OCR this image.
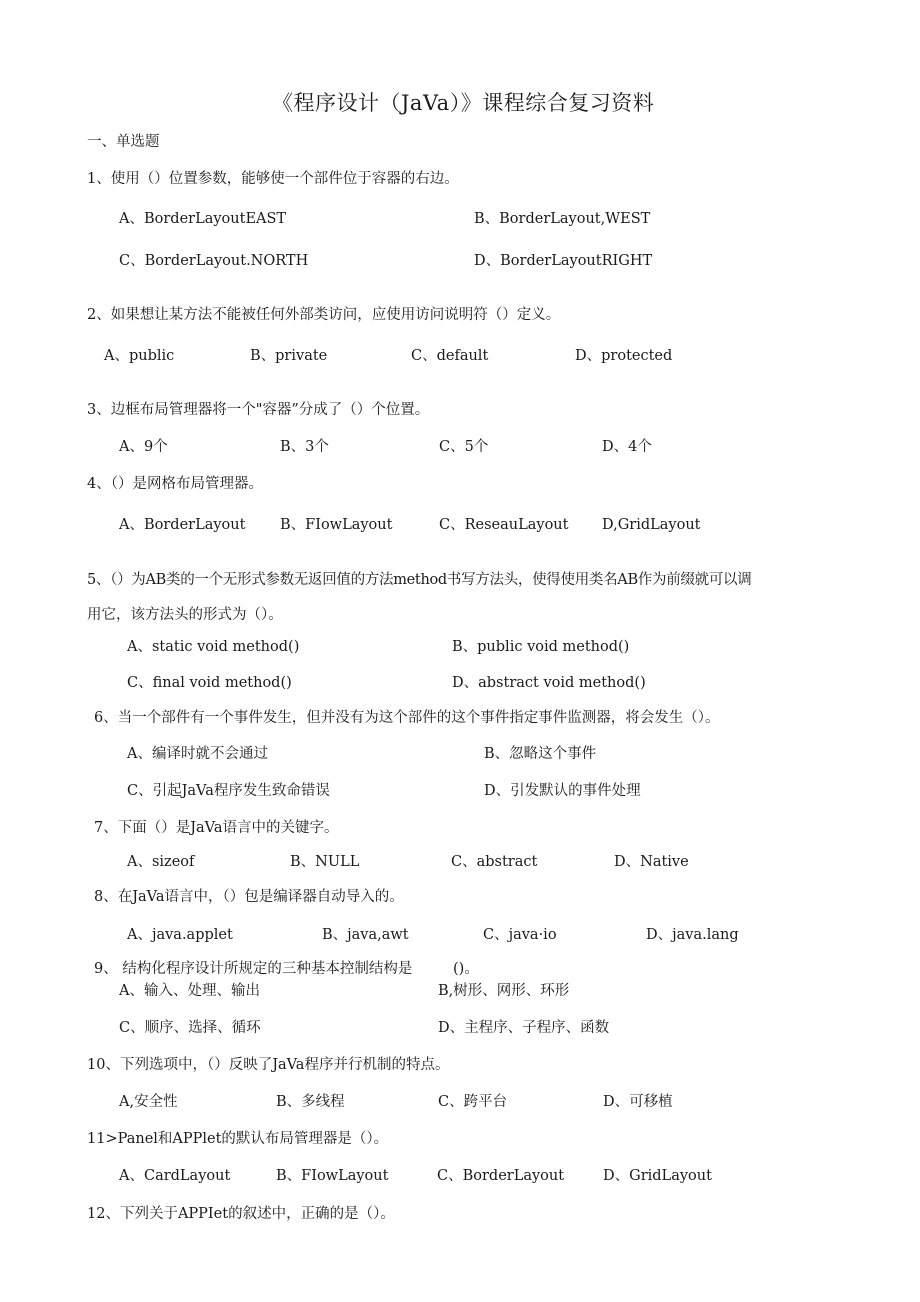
《程序设计（JaVa）》课程综合复习资料
一、单选题
1、使用（）位置参数，能够使一个部件位于容器的右边。
A、BorderLayoutEAST	B、BorderLayout,WEST
C、BorderLayout.NORTH	D、BorderLayoutRIGHT
2、如果想让某方法不能被任何外部类访问，应使用访问说明符（）定义。
A、public	B、private	C、default	D、protected
3、边框布局管理器将一个"容器”分成了（）个位置。
A、9个	B、3个	C、5个	D、4个
4、（）是网格布局管理器。
A、BorderLayout B、FIowLayout	C、ReseauLayout D,GridLayout
5、（）为AB类的一个无形式参数无返回值的方法method书写方法头，使得使用类名AB作为前缀就可以调
用它，该方法头的形式为（）。
A、static void method()	B、public void method()
C、final void method()	D、abstract void method()
6、当一个部件有一个事件发生，但并没有为这个部件的这个事件指定事件监测器，将会发生（）。
A、编译时就不会通过	B、忽略这个事件
C、引起JaVa程序发生致命错误	D、引发默认的事件处理
7、下面（）是JaVa语言中的关键字。
A、sizeof	B、NULL	C、abstract	D、Native
8、在JaVa语言中，（）包是编译器自动导入的。
A、java.applet	B、java,awt	C、java·io	D、java.lang
9、 结构化程序设计所规定的三种基本控制结构是	()。
A、输入、处理、输出	B,树形、网形、环形
C、顺序、选择、循环	D、主程序、子程序、函数
10、下列选项中，（）反映了JaVa程序并行机制的特点。
A,安全性	B、多线程	C、跨平台	D、可移植
11>Panel和APPlet的默认布局管理器是（）。
A、CardLayout	B、FIowLayout	C、BorderLayout	D、GridLayout
12、下列关于APPIet的叙述中，正确的是（）。
